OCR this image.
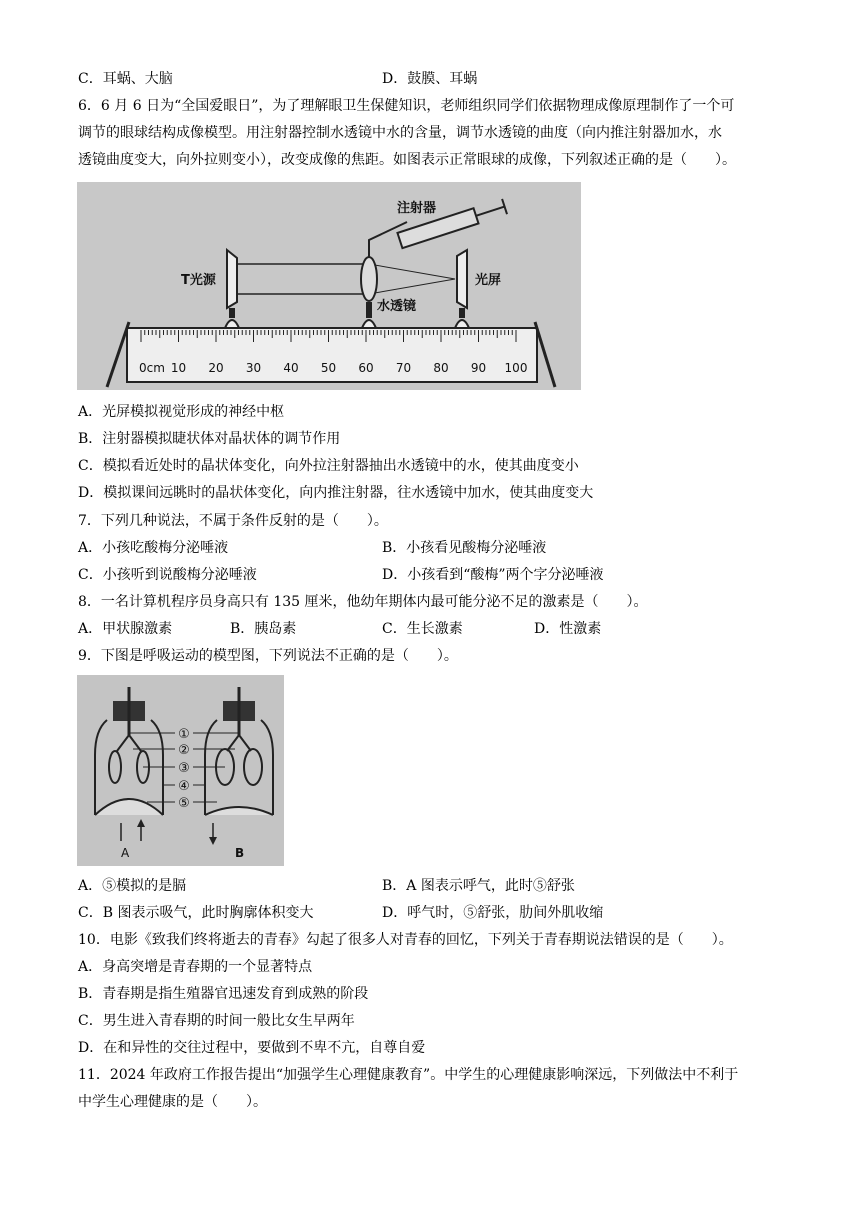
C．耳蜗、大脑	D．鼓膜、耳蜗
6．6 月 6 日为“全国爱眼日”，为了理解眼卫生保健知识，老师组织同学们依据物理成像原理制作了一个可
调节的眼球结构成像模型。用注射器控制水透镜中水的含量，调节水透镜的曲度（向内推注射器加水，水
透镜曲度变大，向外拉则变小），改变成像的焦距。如图表示正常眼球的成像，下列叙述正确的是（　　）。
注射器
T光源	光屏
水透镜
0cm 10 20 30 40 50 60 70 80 90 100
A．光屏模拟视觉形成的神经中枢
B．注射器模拟睫状体对晶状体的调节作用
C．模拟看近处时的晶状体变化，向外拉注射器抽出水透镜中的水，使其曲度变小
D．模拟课间远眺时的晶状体变化，向内推注射器，往水透镜中加水，使其曲度变大
7．下列几种说法，不属于条件反射的是（　　）。
A．小孩吃酸梅分泌唾液	B．小孩看见酸梅分泌唾液
C．小孩听到说酸梅分泌唾液	D．小孩看到“酸梅”两个字分泌唾液
8．一名计算机程序员身高只有 135 厘米，他幼年期体内最可能分泌不足的激素是（　　）。
A．甲状腺激素	B．胰岛素	C．生长激素	D．性激素
9．下图是呼吸运动的模型图，下列说法不正确的是（　　）。
①
②
③
④
⑤
A	B
A．⑤模拟的是膈	B．A 图表示呼气，此时⑤舒张
C．B 图表示吸气，此时胸廓体积变大	D．呼气时，⑤舒张，肋间外肌收缩
10．电影《致我们终将逝去的青春》勾起了很多人对青春的回忆，下列关于青春期说法错误的是（　　）。
A．身高突增是青春期的一个显著特点
B．青春期是指生殖器官迅速发育到成熟的阶段
C．男生进入青春期的时间一般比女生早两年
D．在和异性的交往过程中，要做到不卑不亢，自尊自爱
11．2024 年政府工作报告提出“加强学生心理健康教育”。中学生的心理健康影响深远，下列做法中不利于
中学生心理健康的是（　　）。
